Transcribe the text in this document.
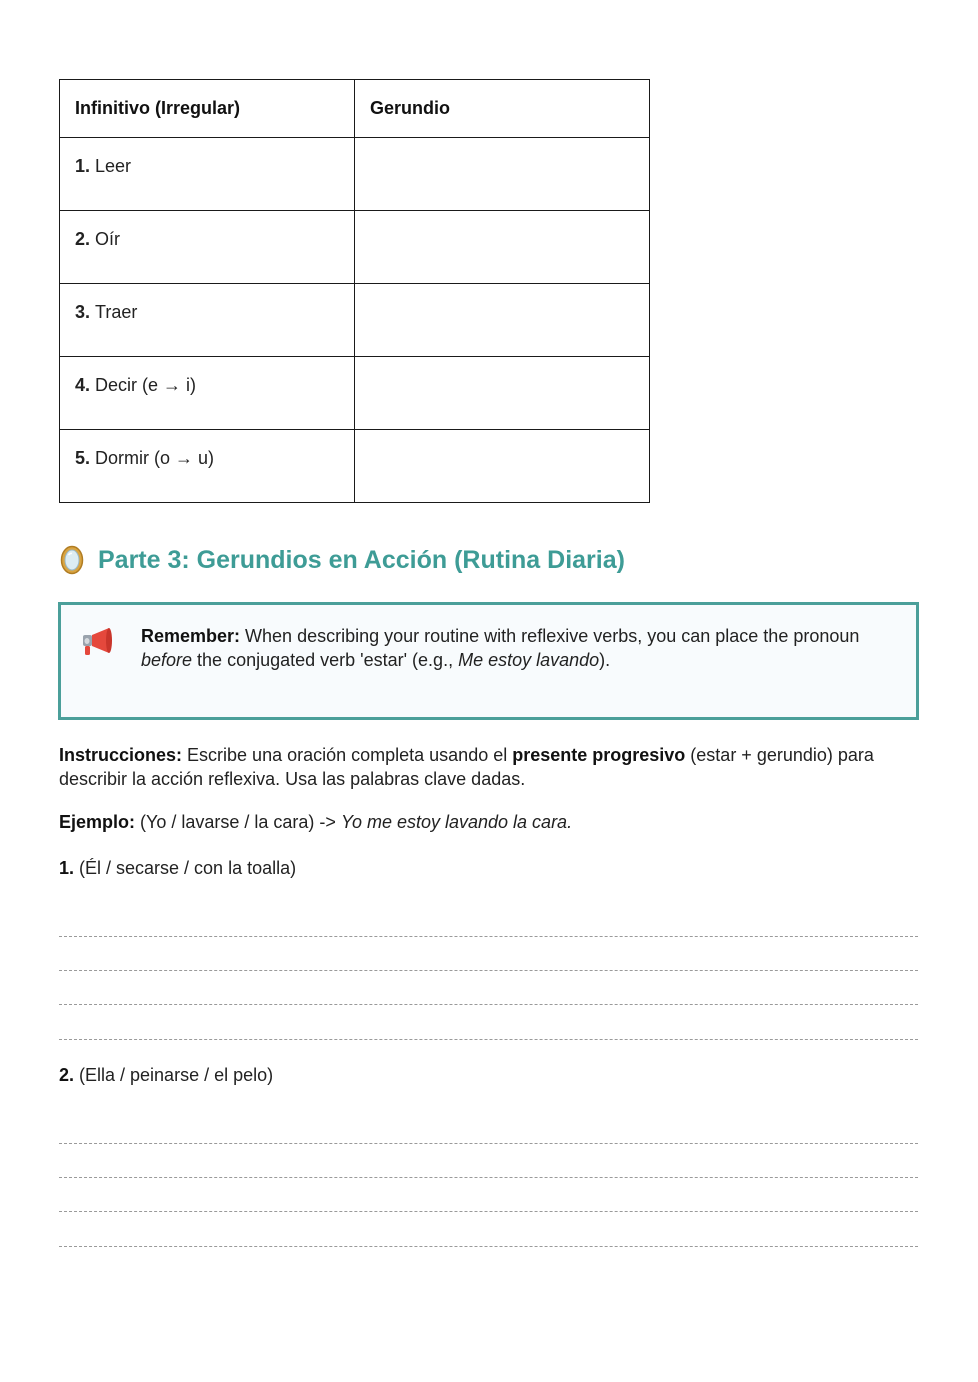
Infinitivo (Irregular)	Gerundio
1. Leer	
2. Oír	
3. Traer	
4. Decir (e → i)	
5. Dormir (o → u)	
Parte 3: Gerundios en Acción (Rutina Diaria)

Remember: When describing your routine with reflexive verbs, you can place the pronoun before the conjugated verb 'estar' (e.g., Me estoy lavando).

Instrucciones: Escribe una oración completa usando el presente progresivo (estar + gerundio) para describir la acción reflexiva. Usa las palabras clave dadas.

Ejemplo: (Yo / lavarse / la cara) -> Yo me estoy lavando la cara.

1. (Él / secarse / con la toalla)

2. (Ella / peinarse / el pelo)
